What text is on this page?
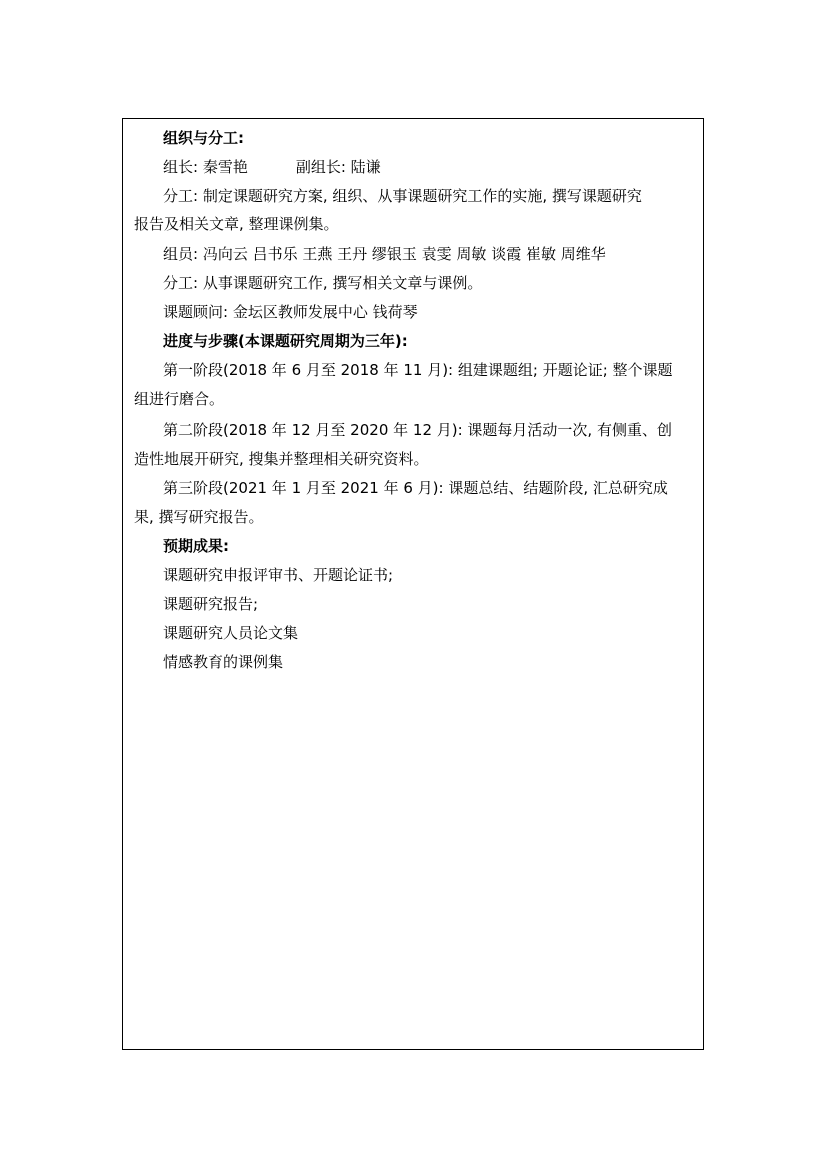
组织与分工:
组长: 秦雪艳	副组长: 陆谦
分工: 制定课题研究方案, 组织、从事课题研究工作的实施, 撰写课题研究
报告及相关文章, 整理课例集。
组员: 冯向云 吕书乐 王燕 王丹 缪银玉 袁雯 周敏 谈霞 崔敏 周维华
分工: 从事课题研究工作, 撰写相关文章与课例。
课题顾问: 金坛区教师发展中心 钱荷琴
进度与步骤(本课题研究周期为三年):
第一阶段(2018 年 6 月至 2018 年 11 月): 组建课题组; 开题论证; 整个课题
组进行磨合。
第二阶段(2018 年 12 月至 2020 年 12 月): 课题每月活动一次, 有侧重、创
造性地展开研究, 搜集并整理相关研究资料。
第三阶段(2021 年 1 月至 2021 年 6 月): 课题总结、结题阶段, 汇总研究成
果, 撰写研究报告。
预期成果:
课题研究申报评审书、开题论证书;
课题研究报告;
课题研究人员论文集
情感教育的课例集
